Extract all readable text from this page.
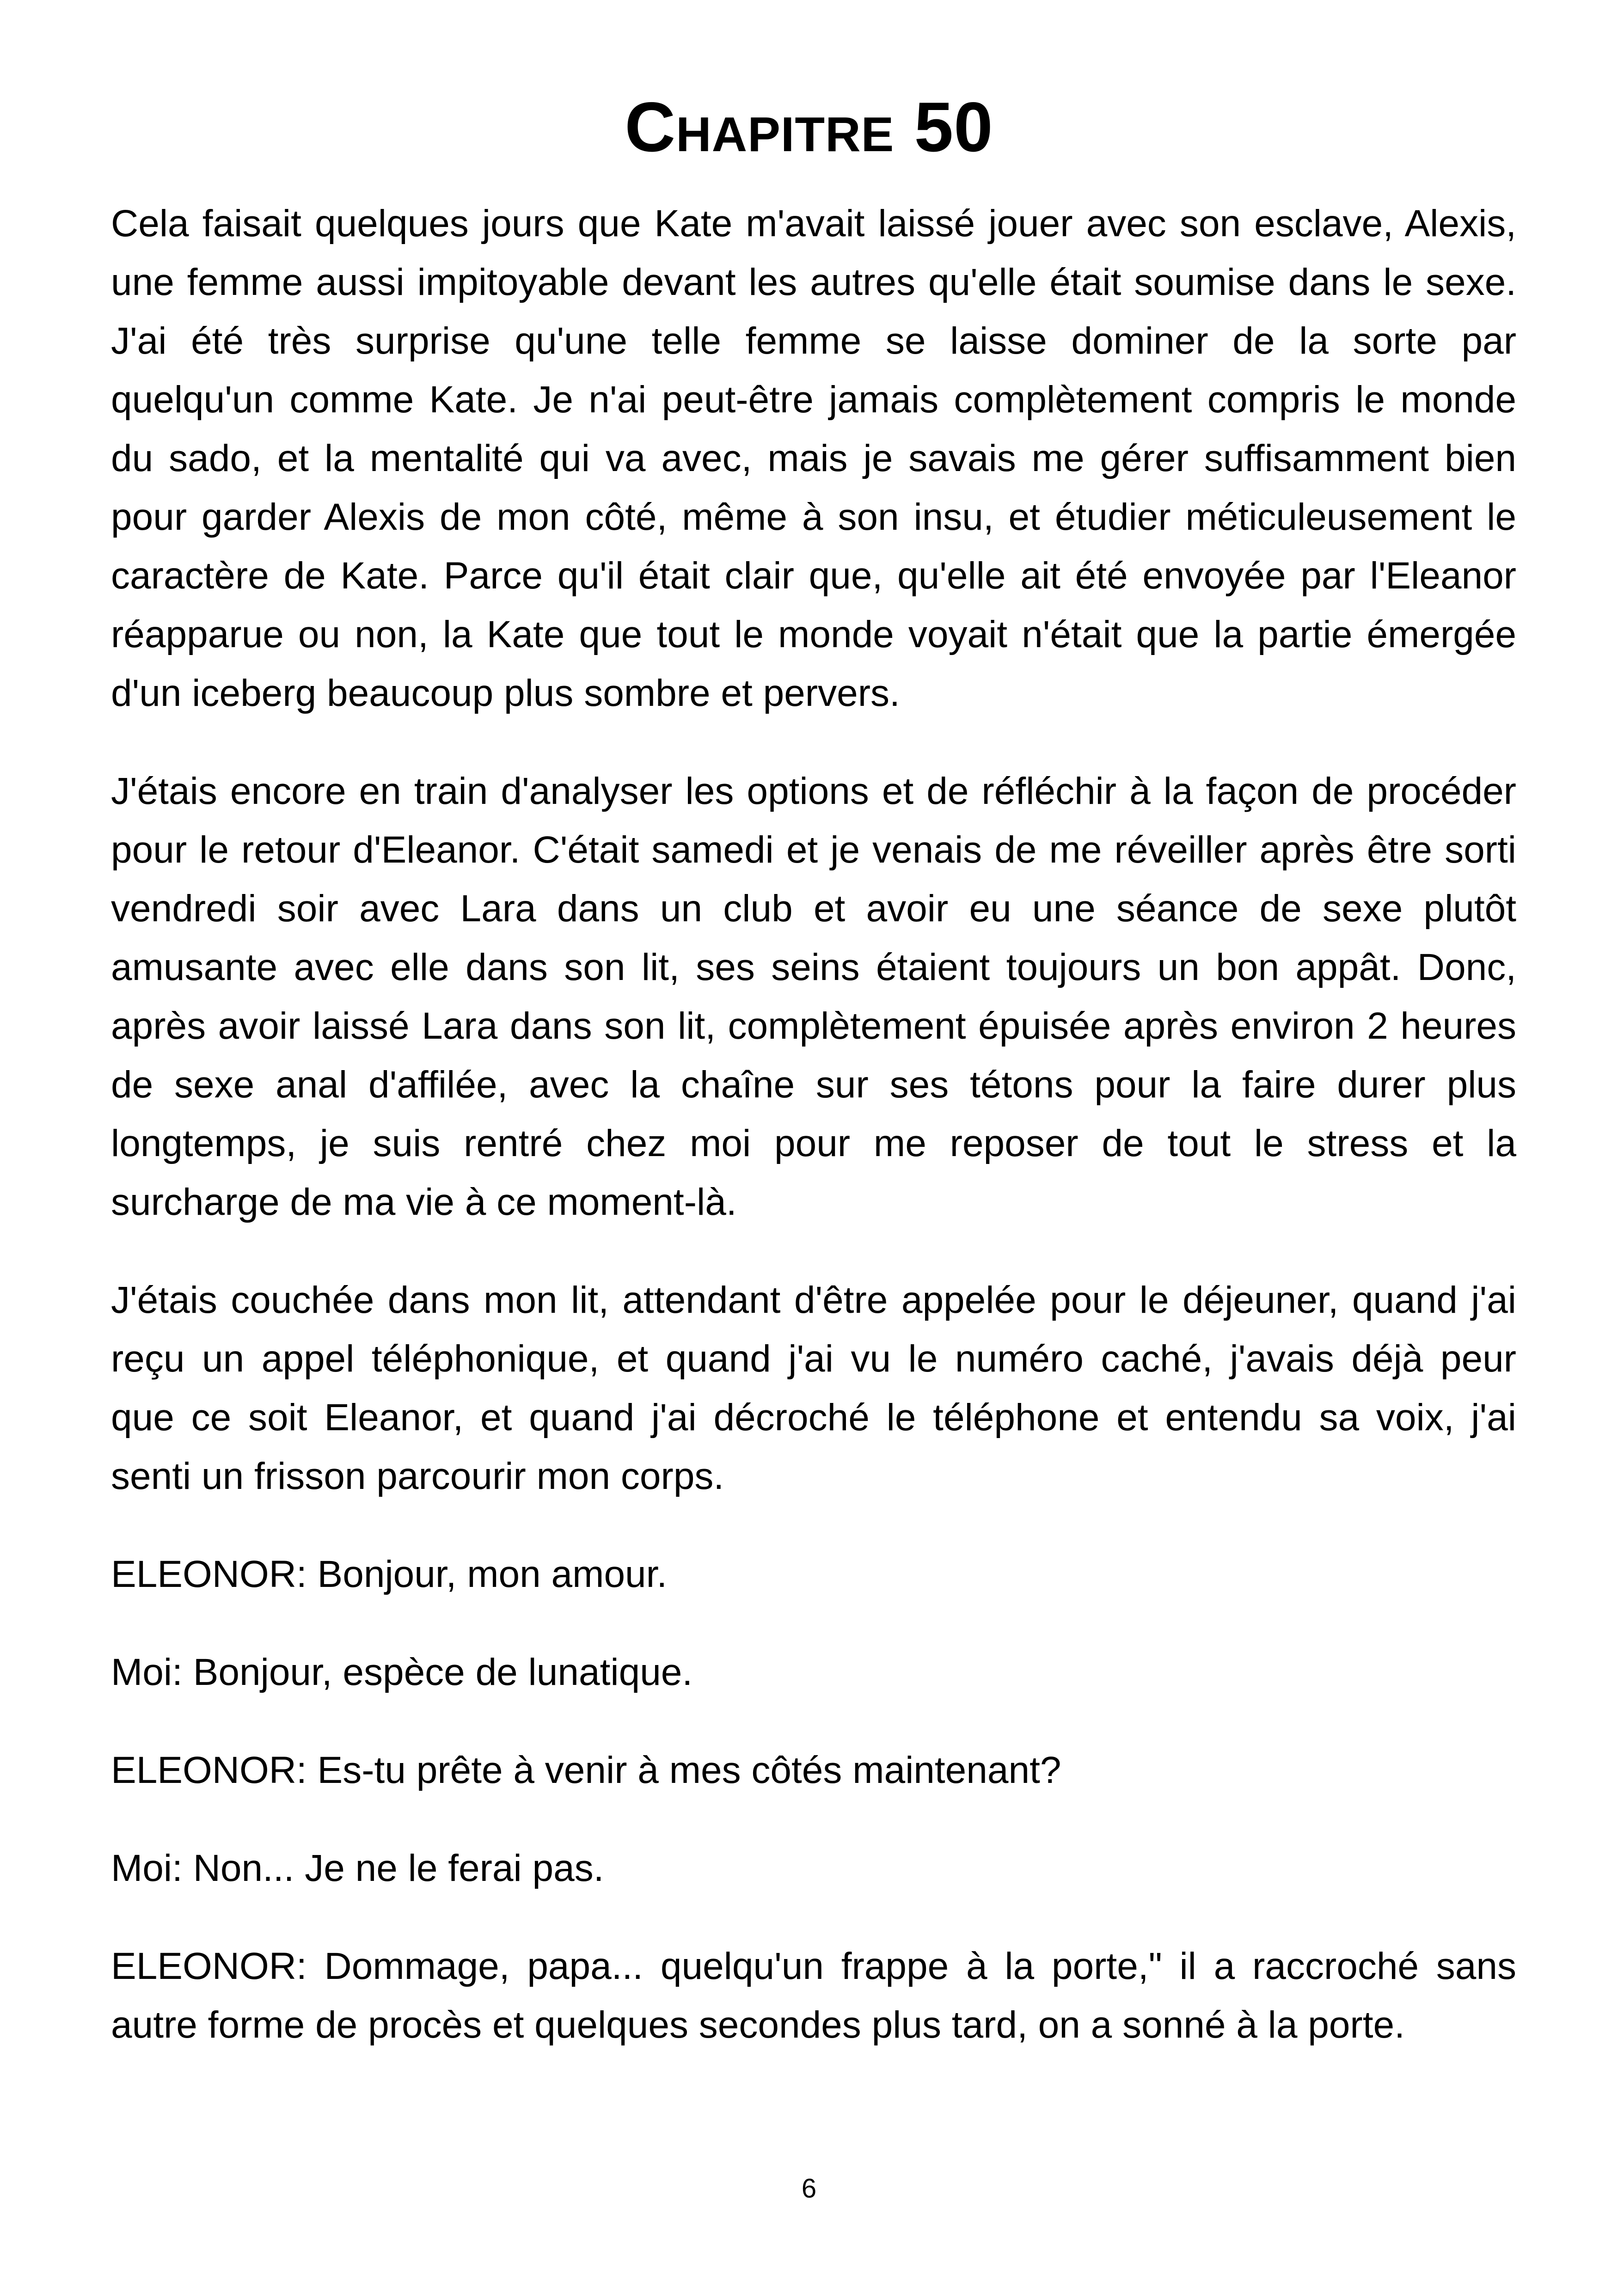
Chapitre 50

Cela faisait quelques jours que Kate m'avait laissé jouer avec son esclave, Alexis,
une femme aussi impitoyable devant les autres qu'elle était soumise dans le sexe.
J'ai été très surprise qu'une telle femme se laisse dominer de la sorte par
quelqu'un comme Kate. Je n'ai peut-être jamais complètement compris le monde
du sado, et la mentalité qui va avec, mais je savais me gérer suffisamment bien
pour garder Alexis de mon côté, même à son insu, et étudier méticuleusement le
caractère de Kate. Parce qu'il était clair que, qu'elle ait été envoyée par l'Eleanor
réapparue ou non, la Kate que tout le monde voyait n'était que la partie émergée
d'un iceberg beaucoup plus sombre et pervers.

J'étais encore en train d'analyser les options et de réfléchir à la façon de procéder
pour le retour d'Eleanor. C'était samedi et je venais de me réveiller après être sorti
vendredi soir avec Lara dans un club et avoir eu une séance de sexe plutôt
amusante avec elle dans son lit, ses seins étaient toujours un bon appât. Donc,
après avoir laissé Lara dans son lit, complètement épuisée après environ 2 heures
de sexe anal d'affilée, avec la chaîne sur ses tétons pour la faire durer plus
longtemps, je suis rentré chez moi pour me reposer de tout le stress et la
surcharge de ma vie à ce moment-là.

J'étais couchée dans mon lit, attendant d'être appelée pour le déjeuner, quand j'ai
reçu un appel téléphonique, et quand j'ai vu le numéro caché, j'avais déjà peur
que ce soit Eleanor, et quand j'ai décroché le téléphone et entendu sa voix, j'ai
senti un frisson parcourir mon corps.

ELEONOR: Bonjour, mon amour.

Moi: Bonjour, espèce de lunatique.

ELEONOR: Es-tu prête à venir à mes côtés maintenant?

Moi: Non... Je ne le ferai pas.

ELEONOR: Dommage, papa... quelqu'un frappe à la porte," il a raccroché sans
autre forme de procès et quelques secondes plus tard, on a sonné à la porte.

6
